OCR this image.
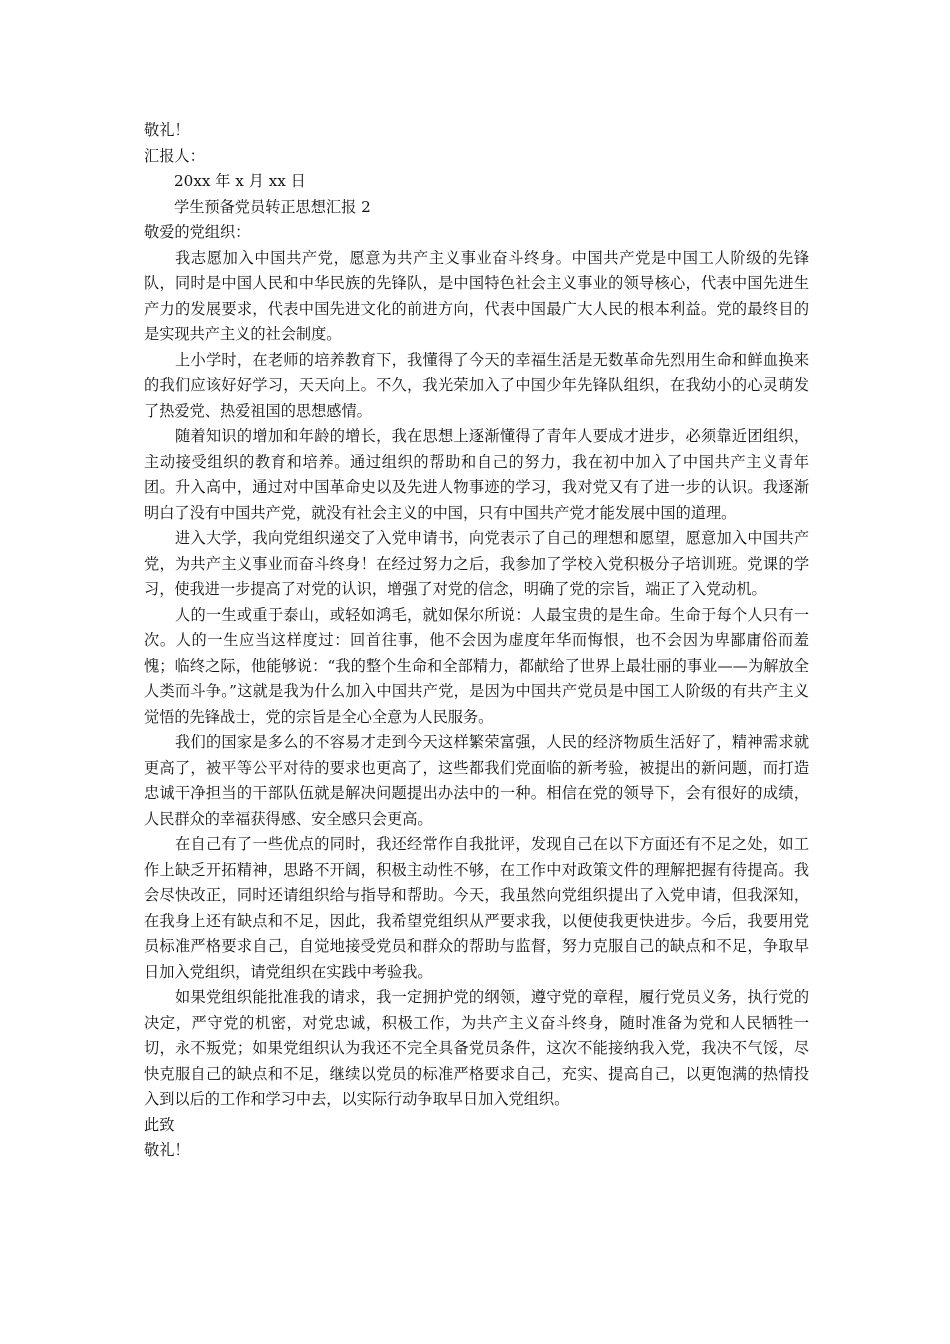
敬礼！

汇报人：

20xx 年 x 月 xx 日

学生预备党员转正思想汇报 2

敬爱的党组织：

我志愿加入中国共产党，愿意为共产主义事业奋斗终身。中国共产党是中国工人阶级的先锋队，同时是中国人民和中华民族的先锋队，是中国特色社会主义事业的领导核心，代表中国先进生产力的发展要求，代表中国先进文化的前进方向，代表中国最广大人民的根本利益。党的最终目的是实现共产主义的社会制度。

上小学时，在老师的培养教育下，我懂得了今天的幸福生活是无数革命先烈用生命和鲜血换来的我们应该好好学习，天天向上。不久，我光荣加入了中国少年先锋队组织，在我幼小的心灵萌发了热爱党、热爱祖国的思想感情。

随着知识的增加和年龄的增长，我在思想上逐渐懂得了青年人要成才进步，必须靠近团组织，主动接受组织的教育和培养。通过组织的帮助和自己的努力，我在初中加入了中国共产主义青年团。升入高中，通过对中国革命史以及先进人物事迹的学习，我对党又有了进一步的认识。我逐渐明白了没有中国共产党，就没有社会主义的中国，只有中国共产党才能发展中国的道理。

进入大学，我向党组织递交了入党申请书，向党表示了自己的理想和愿望，愿意加入中国共产党，为共产主义事业而奋斗终身！在经过努力之后，我参加了学校入党积极分子培训班。党课的学习，使我进一步提高了对党的认识，增强了对党的信念，明确了党的宗旨，端正了入党动机。

人的一生或重于泰山，或轻如鸿毛，就如保尔所说：人最宝贵的是生命。生命于每个人只有一次。人的一生应当这样度过：回首往事，他不会因为虚度年华而悔恨，也不会因为卑鄙庸俗而羞愧；临终之际，他能够说：“我的整个生命和全部精力，都献给了世界上最壮丽的事业——为解放全人类而斗争。”这就是我为什么加入中国共产党，是因为中国共产党员是中国工人阶级的有共产主义觉悟的先锋战士，党的宗旨是全心全意为人民服务。

我们的国家是多么的不容易才走到今天这样繁荣富强，人民的经济物质生活好了，精神需求就更高了，被平等公平对待的要求也更高了，这些都我们党面临的新考验，被提出的新问题，而打造忠诚干净担当的干部队伍就是解决问题提出办法中的一种。相信在党的领导下，会有很好的成绩，人民群众的幸福获得感、安全感只会更高。

在自己有了一些优点的同时，我还经常作自我批评，发现自己在以下方面还有不足之处，如工作上缺乏开拓精神，思路不开阔，积极主动性不够，在工作中对政策文件的理解把握有待提高。我会尽快改正，同时还请组织给与指导和帮助。今天，我虽然向党组织提出了入党申请，但我深知，在我身上还有缺点和不足，因此，我希望党组织从严要求我，以便使我更快进步。今后，我要用党员标准严格要求自己，自觉地接受党员和群众的帮助与监督，努力克服自己的缺点和不足，争取早日加入党组织，请党组织在实践中考验我。

如果党组织能批准我的请求，我一定拥护党的纲领，遵守党的章程，履行党员义务，执行党的决定，严守党的机密，对党忠诚，积极工作，为共产主义奋斗终身，随时准备为党和人民牺牲一切，永不叛党；如果党组织认为我还不完全具备党员条件，这次不能接纳我入党，我决不气馁，尽快克服自己的缺点和不足，继续以党员的标准严格要求自己，充实、提高自己，以更饱满的热情投入到以后的工作和学习中去，以实际行动争取早日加入党组织。

此致

敬礼！
